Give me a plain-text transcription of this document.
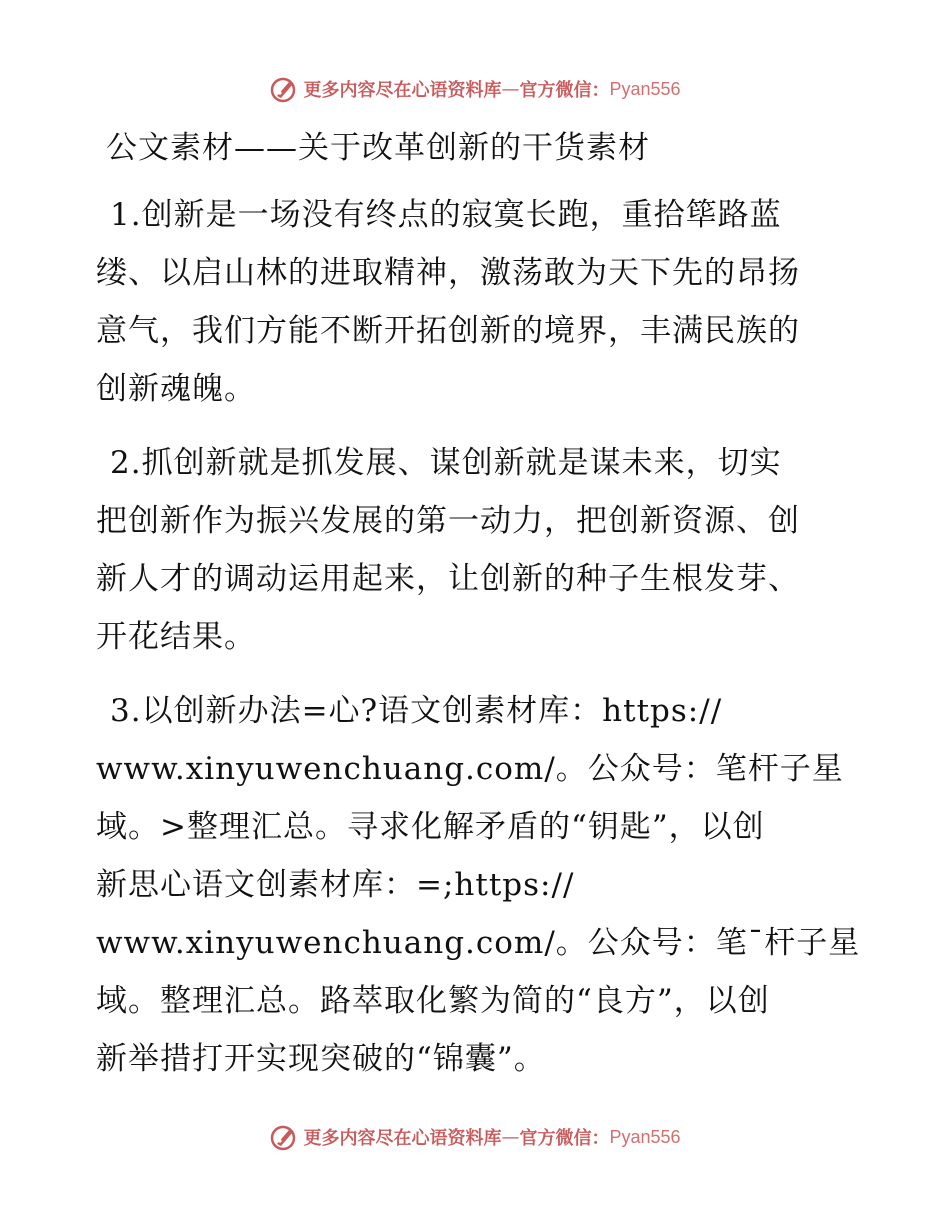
更多内容尽在心语资料库 — 官方微信： Pyan556
公文素材——关于改革创新的干货素材
1.创新是一场没有终点的寂寞长跑，重拾筚路蓝
缕、以启山林的进取精神，激荡敢为天下先的昂扬
意气，我们方能不断开拓创新的境界，丰满民族的
创新魂魄。
2.抓创新就是抓发展、谋创新就是谋未来，切实
把创新作为振兴发展的第一动力，把创新资源、创
新人才的调动运用起来，让创新的种子生根发芽、
开花结果。
3.以创新办法=心?语文创素材库：https://
www.xinyuwenchuang.com/。公众号：笔杆子星
域。>整理汇总。寻求化解矛盾的“钥匙”，以创
新思心语文创素材库：=;https://
www.xinyuwenchuang.com/。公众号：笔¯杆子星
域。整理汇总。路萃取化繁为简的“良方”，以创
新举措打开实现突破的“锦囊”。
更多内容尽在心语资料库 — 官方微信： Pyan556
